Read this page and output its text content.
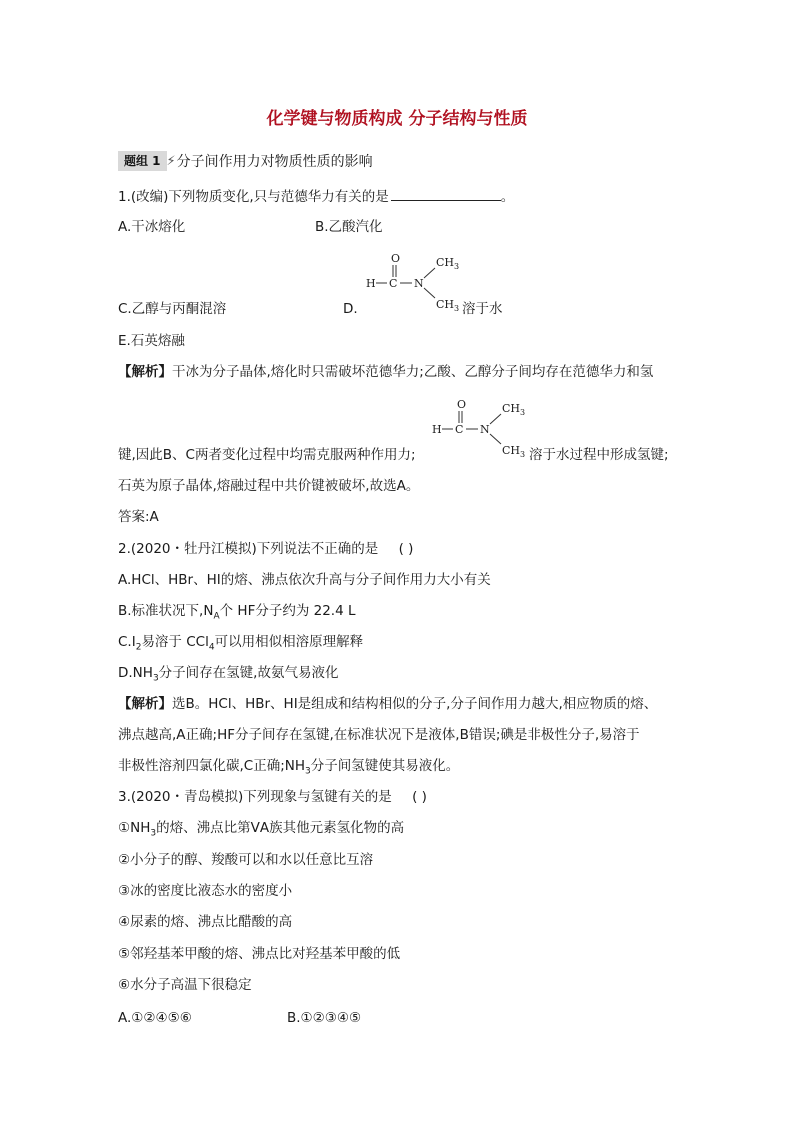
化学键与物质构成 分子结构与性质
题组 1 ⚡ 分子间作用力对物质性质的影响
1.(改编)下列物质变化,只与范德华力有关的是	。
A.干冰熔化	B.乙酸汽化
O
H C N
$CH_3$
$CH_3$
C.乙醇与丙酮混溶	D.	溶于水
E.石英熔融
【解析】干冰为分子晶体,熔化时只需破坏范德华力;乙酸、乙醇分子间均存在范德华力和氢
O
H C N
$CH_3$
$CH_3$
键,因此B、C两者变化过程中均需克服两种作用力;	溶于水过程中形成氢键;
石英为原子晶体,熔融过程中共价键被破坏,故选A。
答案:A
2.(2020・牡丹江模拟)下列说法不正确的是 ( )
A.HCl、HBr、HI的熔、沸点依次升高与分子间作用力大小有关
B.标准状况下$,N_A$个 HF分子约为 22.4 L
$C.I_2$易溶于 CCl$_4$可以用相似相溶原理解释
$D.NH_3$分子间存在氢键,故氨气易液化
【解析】选B。HCl、HBr、HI是组成和结构相似的分子,分子间作用力越大,相应物质的熔、
沸点越高,A正确;HF分子间存在氢键,在标准状况下是液体,B错误;碘是非极性分子,易溶于
非极性溶剂四氯化碳,C正确$;NH_3$分子间氢键使其易液化。
3.(2020・青岛模拟)下列现象与氢键有关的是 ( )
$①NH_3$的熔、沸点比第ⅤA族其他元素氢化物的高
②小分子的醇、羧酸可以和水以任意比互溶
③冰的密度比液态水的密度小
④尿素的熔、沸点比醋酸的高
⑤邻羟基苯甲酸的熔、沸点比对羟基苯甲酸的低
⑥水分子高温下很稳定
A.①②④⑤⑥	B.①②③④⑤
